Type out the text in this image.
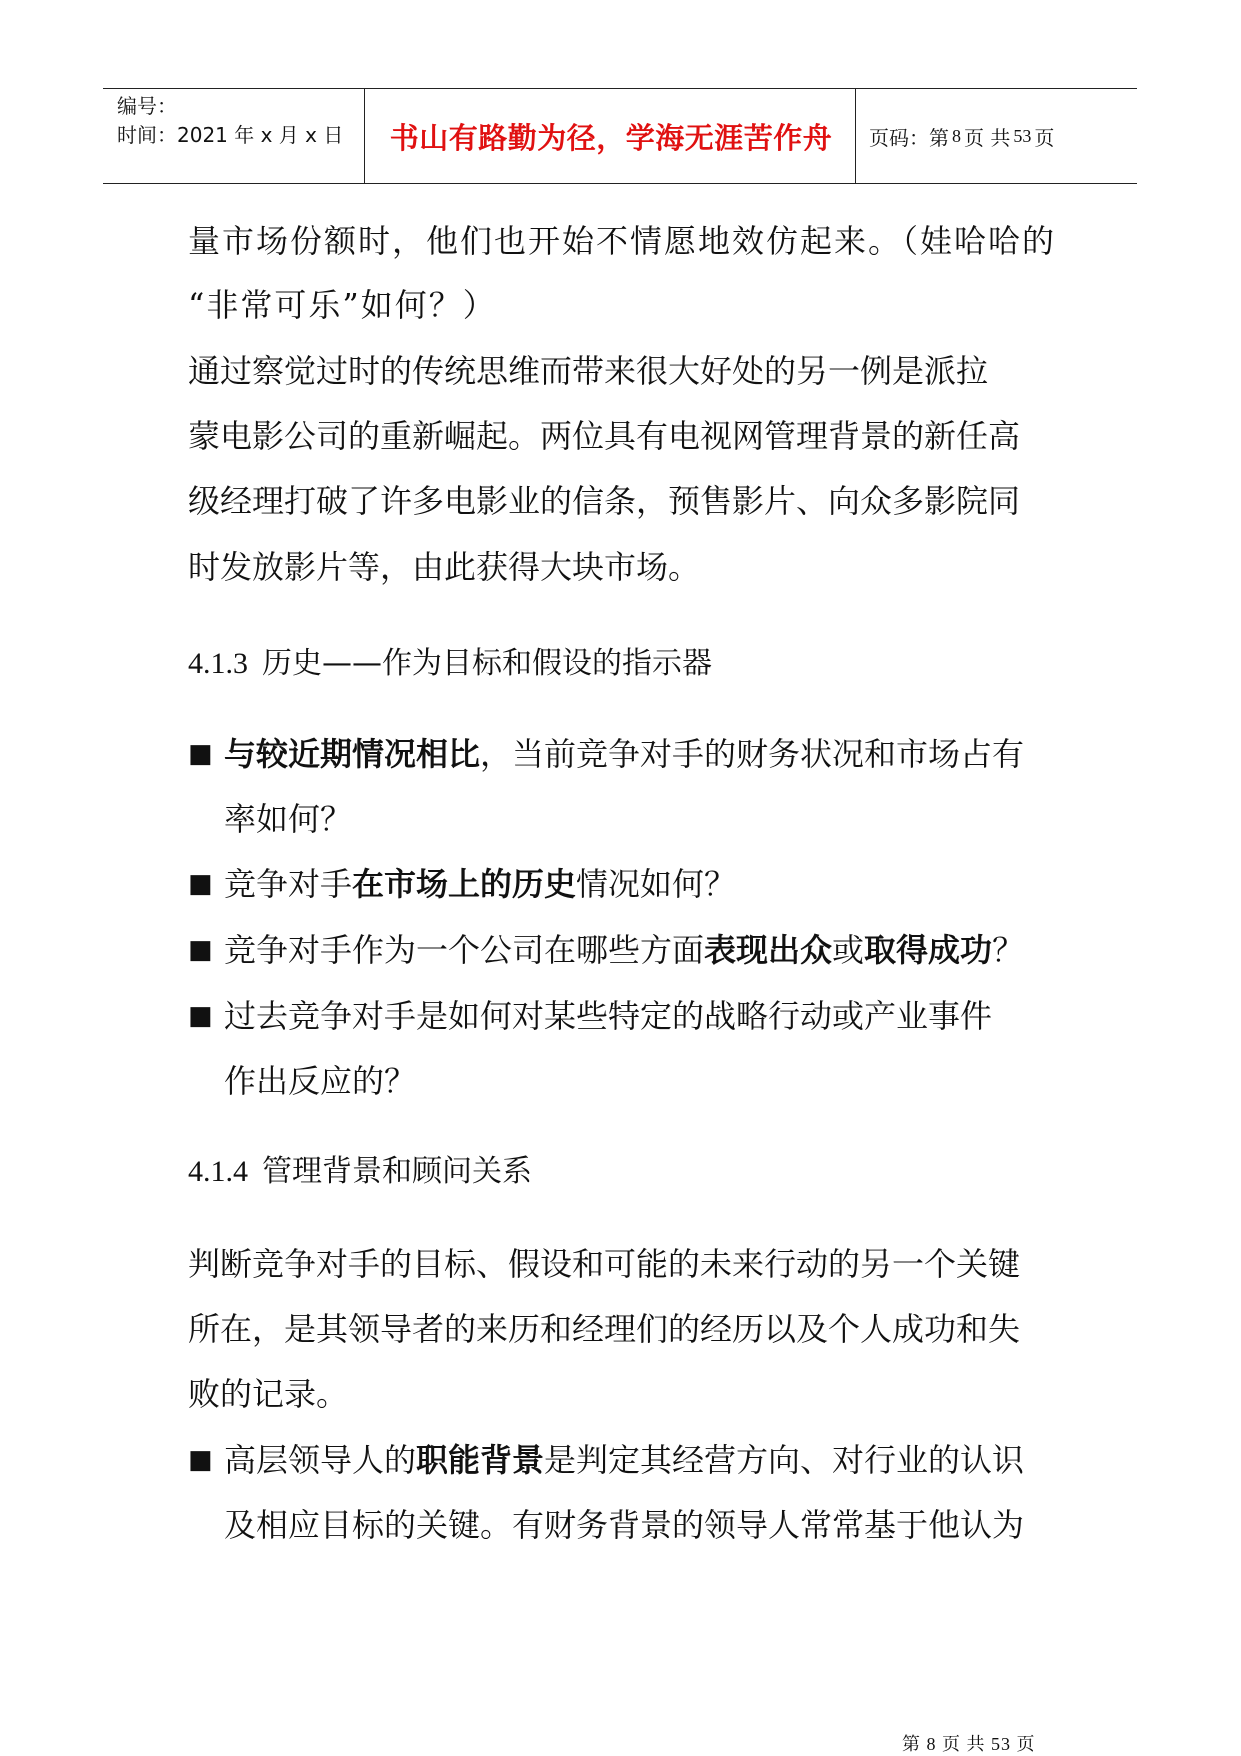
编号：
时间：2021 年 x 月 x 日	书山有路勤为径，学海无涯苦作舟	页码：第 8 页 共 53 页
量市场份额时，他们也开始不情愿地效仿起来。（娃哈哈的
“非常可乐”如何？）
通过察觉过时的传统思维而带来很大好处的另一例是派拉
蒙电影公司的重新崛起。两位具有电视网管理背景的新任高
级经理打破了许多电影业的信条，预售影片、向众多影院同
时发放影片等，由此获得大块市场。
4.1.3 历史——作为目标和假设的指示器
■ 与较近期情况相比，当前竞争对手的财务状况和市场占有
率如何？
■ 竞争对手在市场上的历史情况如何？
■ 竞争对手作为一个公司在哪些方面表现出众或取得成功？
■ 过去竞争对手是如何对某些特定的战略行动或产业事件
作出反应的？
4.1.4 管理背景和顾问关系
判断竞争对手的目标、假设和可能的未来行动的另一个关键
所在，是其领导者的来历和经理们的经历以及个人成功和失
败的记录。
■ 高层领导人的职能背景是判定其经营方向、对行业的认识
及相应目标的关键。有财务背景的领导人常常基于他认为
第 8 页 共 53 页
